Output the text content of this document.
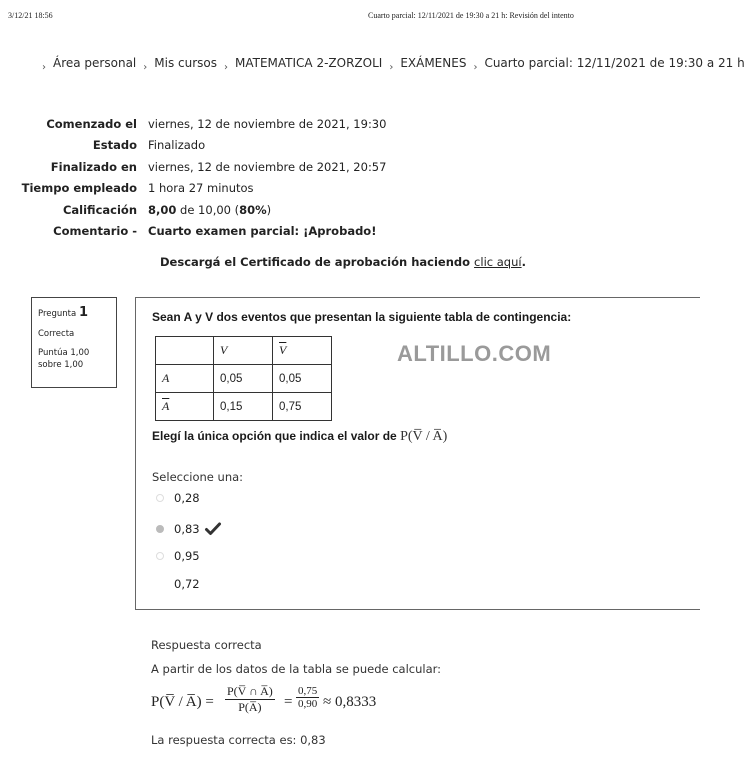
3/12/21 18:56	Cuarto parcial: 12/11/2021 de 19:30 a 21 h: Revisión del intento
› Área personal › Mis cursos › MATEMATICA 2-ZORZOLI › EXÁMENES › Cuarto parcial: 12/11/2021 de 19:30 a 21 h
Comenzado el viernes, 12 de noviembre de 2021, 19:30
Estado Finalizado
Finalizado en viernes, 12 de noviembre de 2021, 20:57
Tiempo empleado 1 hora 27 minutos
Calificación 8,00 de 10,00 (80%)
Comentario - Cuarto examen parcial: ¡Aprobado!
Descargá el Certificado de aprobación haciendo clic aquí.
Pregunta 1
Correcta
Puntúa 1,00
sobre 1,00
Sean A y V dos eventos que presentan la siguiente tabla de contingencia:
	V	$\overline{V}$
A	0,05	0,05
$\overline{A}$	0,15	0,75
ALTILLO.COM
Elegí la única opción que indica el valor de P(V̅ / A̅)
Seleccione una:
0,28
0,83
0,95
0,72
Respuesta correcta
A partir de los datos de la tabla se puede calcular:
P(V̅ / A̅) = $\frac{P(V̅ \cap A̅)}{P(A̅)} = \frac{0,75}{0,90} \approx 0,8333$
La respuesta correcta es: 0,83
